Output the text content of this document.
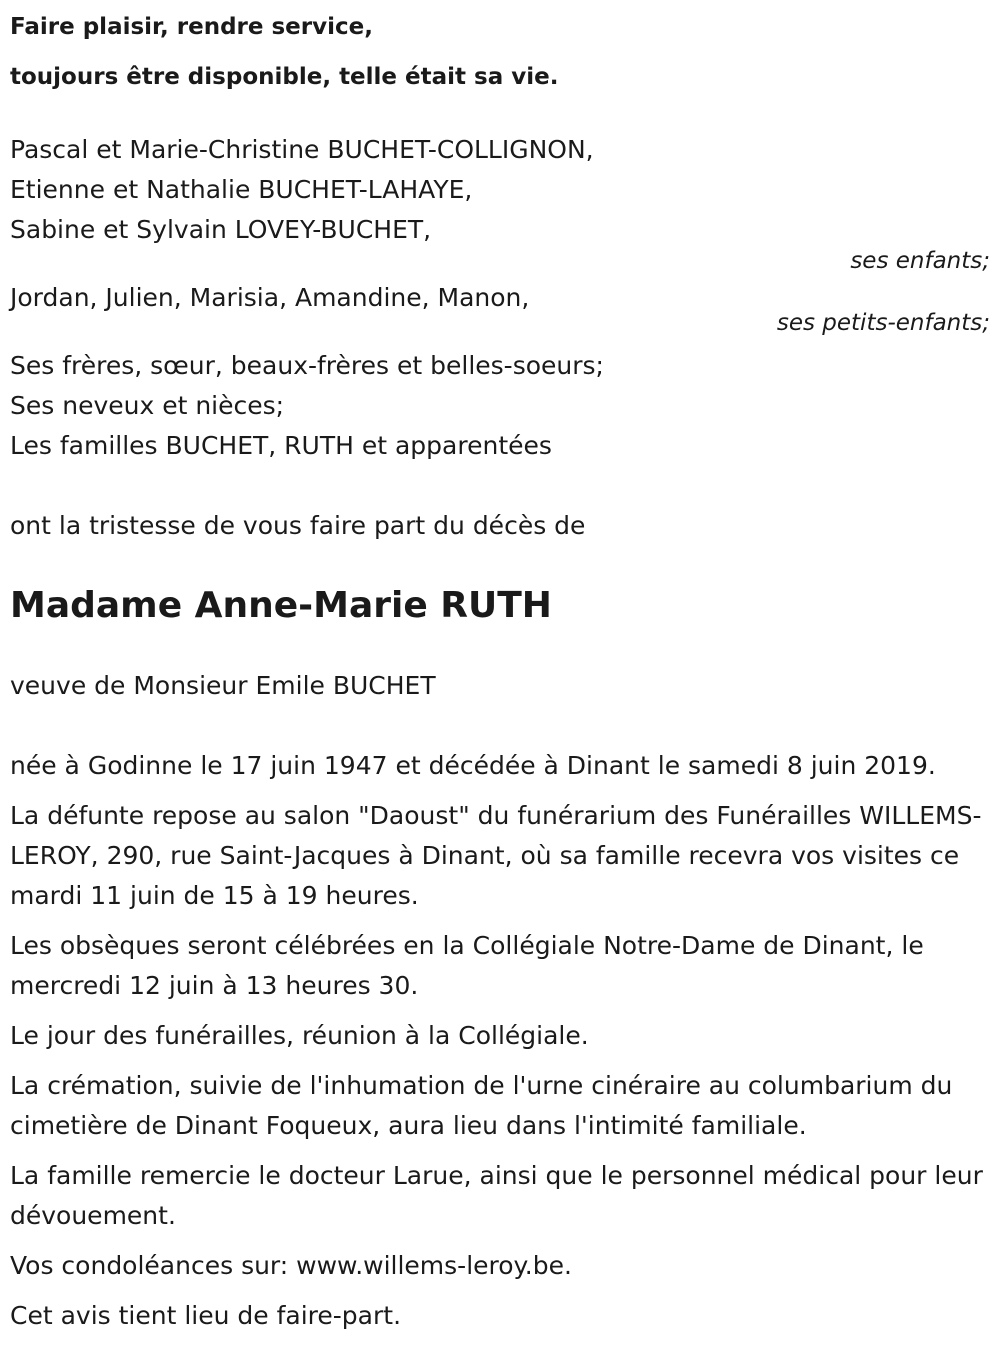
Faire plaisir, rendre service,

toujours être disponible, telle était sa vie.

Pascal et Marie-Christine BUCHET-COLLIGNON,

Etienne et Nathalie BUCHET-LAHAYE,

Sabine et Sylvain LOVEY-BUCHET,

ses enfants;

Jordan, Julien, Marisia, Amandine, Manon,

ses petits-enfants;

Ses frères, sœur, beaux-frères et belles-soeurs;

Ses neveux et nièces;

Les familles BUCHET, RUTH et apparentées

ont la tristesse de vous faire part du décès de

Madame Anne-Marie RUTH

veuve de Monsieur Emile BUCHET

née à Godinne le 17 juin 1947 et décédée à Dinant le samedi 8 juin 2019.

La défunte repose au salon "Daoust" du funérarium des Funérailles WILLEMS-LEROY, 290, rue Saint-Jacques à Dinant, où sa famille recevra vos visites ce mardi 11 juin de 15 à 19 heures.

Les obsèques seront célébrées en la Collégiale Notre-Dame de Dinant, le mercredi 12 juin à 13 heures 30.

Le jour des funérailles, réunion à la Collégiale.

La crémation, suivie de l'inhumation de l'urne cinéraire au columbarium du cimetière de Dinant Foqueux, aura lieu dans l'intimité familiale.

La famille remercie le docteur Larue, ainsi que le personnel médical pour leur dévouement.

Vos condoléances sur: www.willems-leroy.be.

Cet avis tient lieu de faire-part.
